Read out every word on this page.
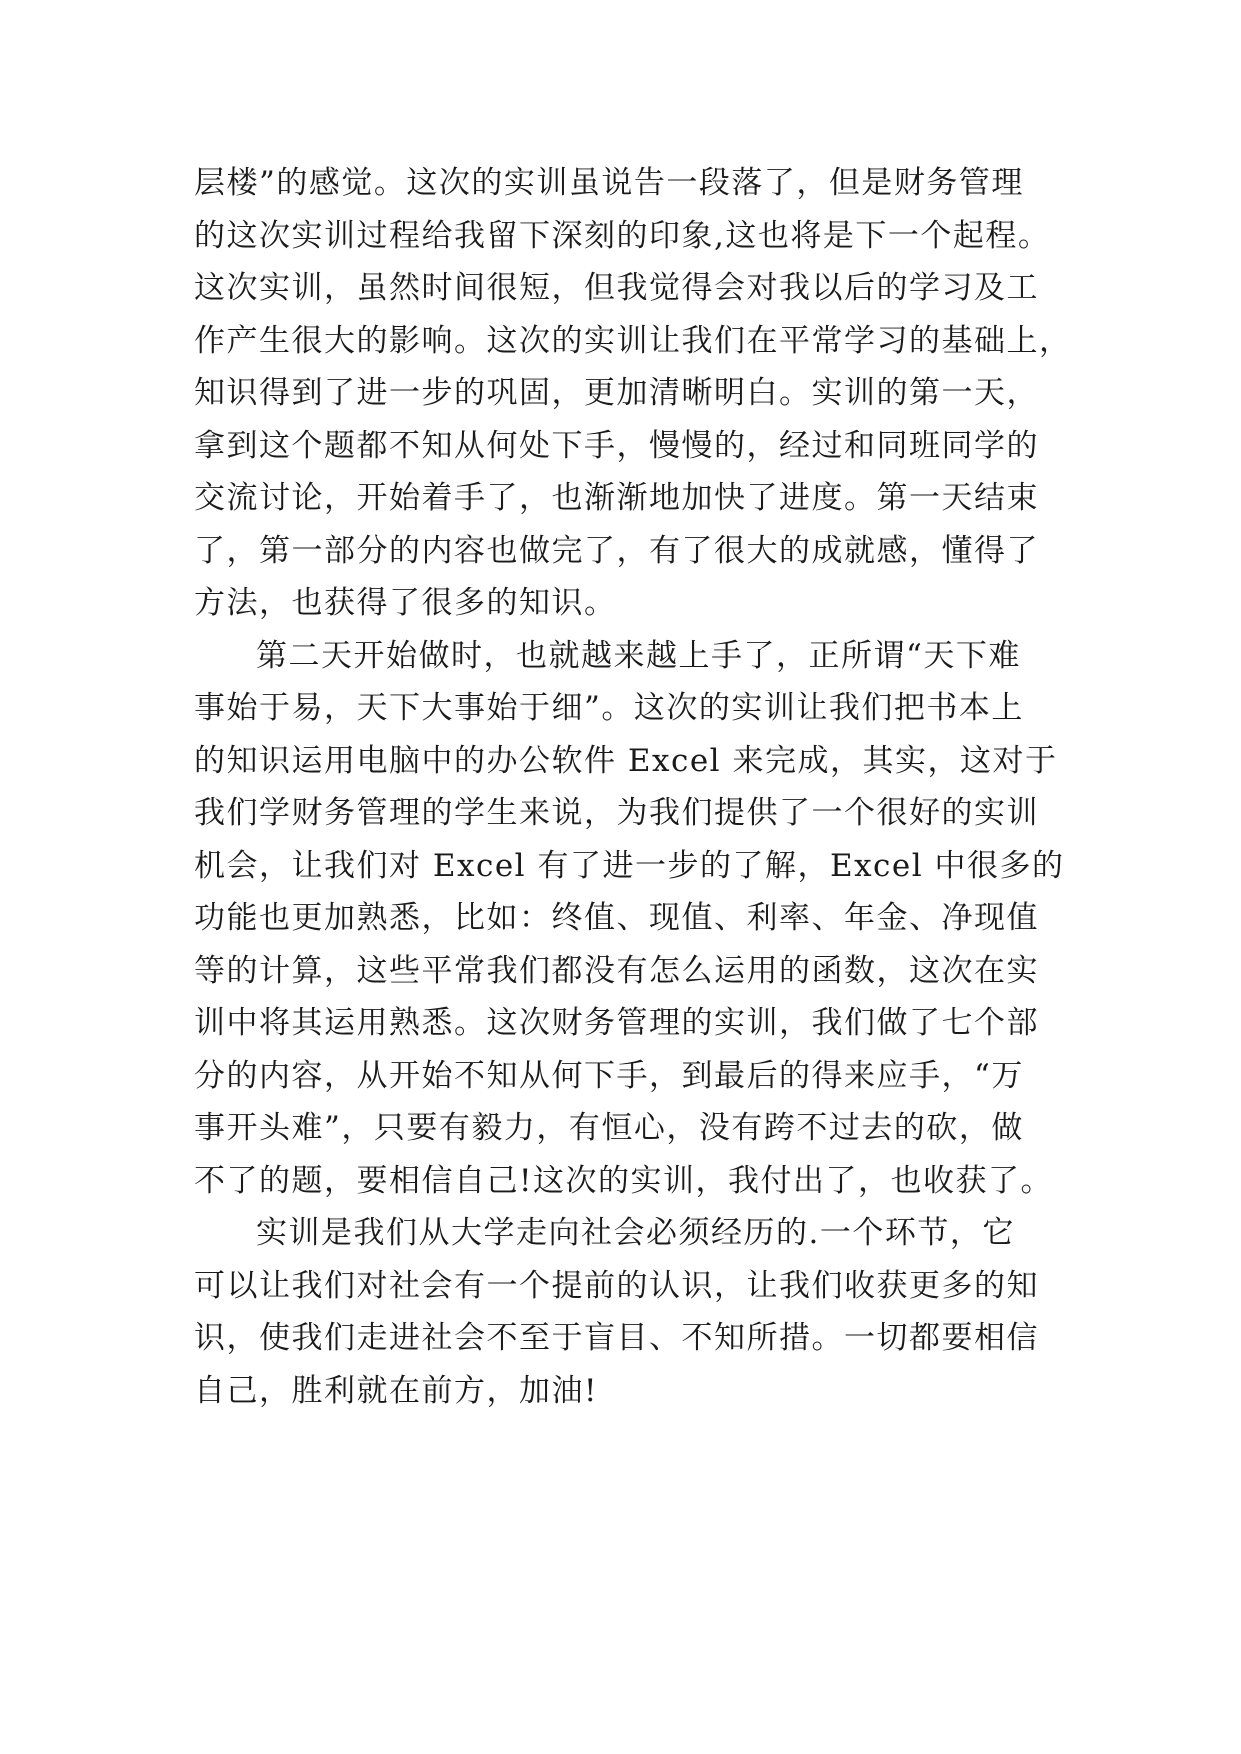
层楼”的感觉。这次的实训虽说告一段落了，但是财务管理
的这次实训过程给我留下深刻的印象,这也将是下一个起程。
这次实训，虽然时间很短，但我觉得会对我以后的学习及工
作产生很大的影响。这次的实训让我们在平常学习的基础上，
知识得到了进一步的巩固，更加清晰明白。实训的第一天，
拿到这个题都不知从何处下手，慢慢的，经过和同班同学的
交流讨论，开始着手了，也渐渐地加快了进度。第一天结束
了，第一部分的内容也做完了，有了很大的成就感，懂得了
方法，也获得了很多的知识。
第二天开始做时，也就越来越上手了，正所谓“天下难
事始于易，天下大事始于细”。这次的实训让我们把书本上
的知识运用电脑中的办公软件 Excel 来完成，其实，这对于
我们学财务管理的学生来说，为我们提供了一个很好的实训
机会，让我们对 Excel 有了进一步的了解，Excel 中很多的
功能也更加熟悉，比如：终值、现值、利率、年金、净现值
等的计算，这些平常我们都没有怎么运用的函数，这次在实
训中将其运用熟悉。这次财务管理的实训，我们做了七个部
分的内容，从开始不知从何下手，到最后的得来应手，“万
事开头难”，只要有毅力，有恒心，没有跨不过去的砍，做
不了的题，要相信自己!这次的实训，我付出了，也收获了。
实训是我们从大学走向社会必须经历的.一个环节，它
可以让我们对社会有一个提前的认识，让我们收获更多的知
识，使我们走进社会不至于盲目、不知所措。一切都要相信
自己，胜利就在前方，加油!
